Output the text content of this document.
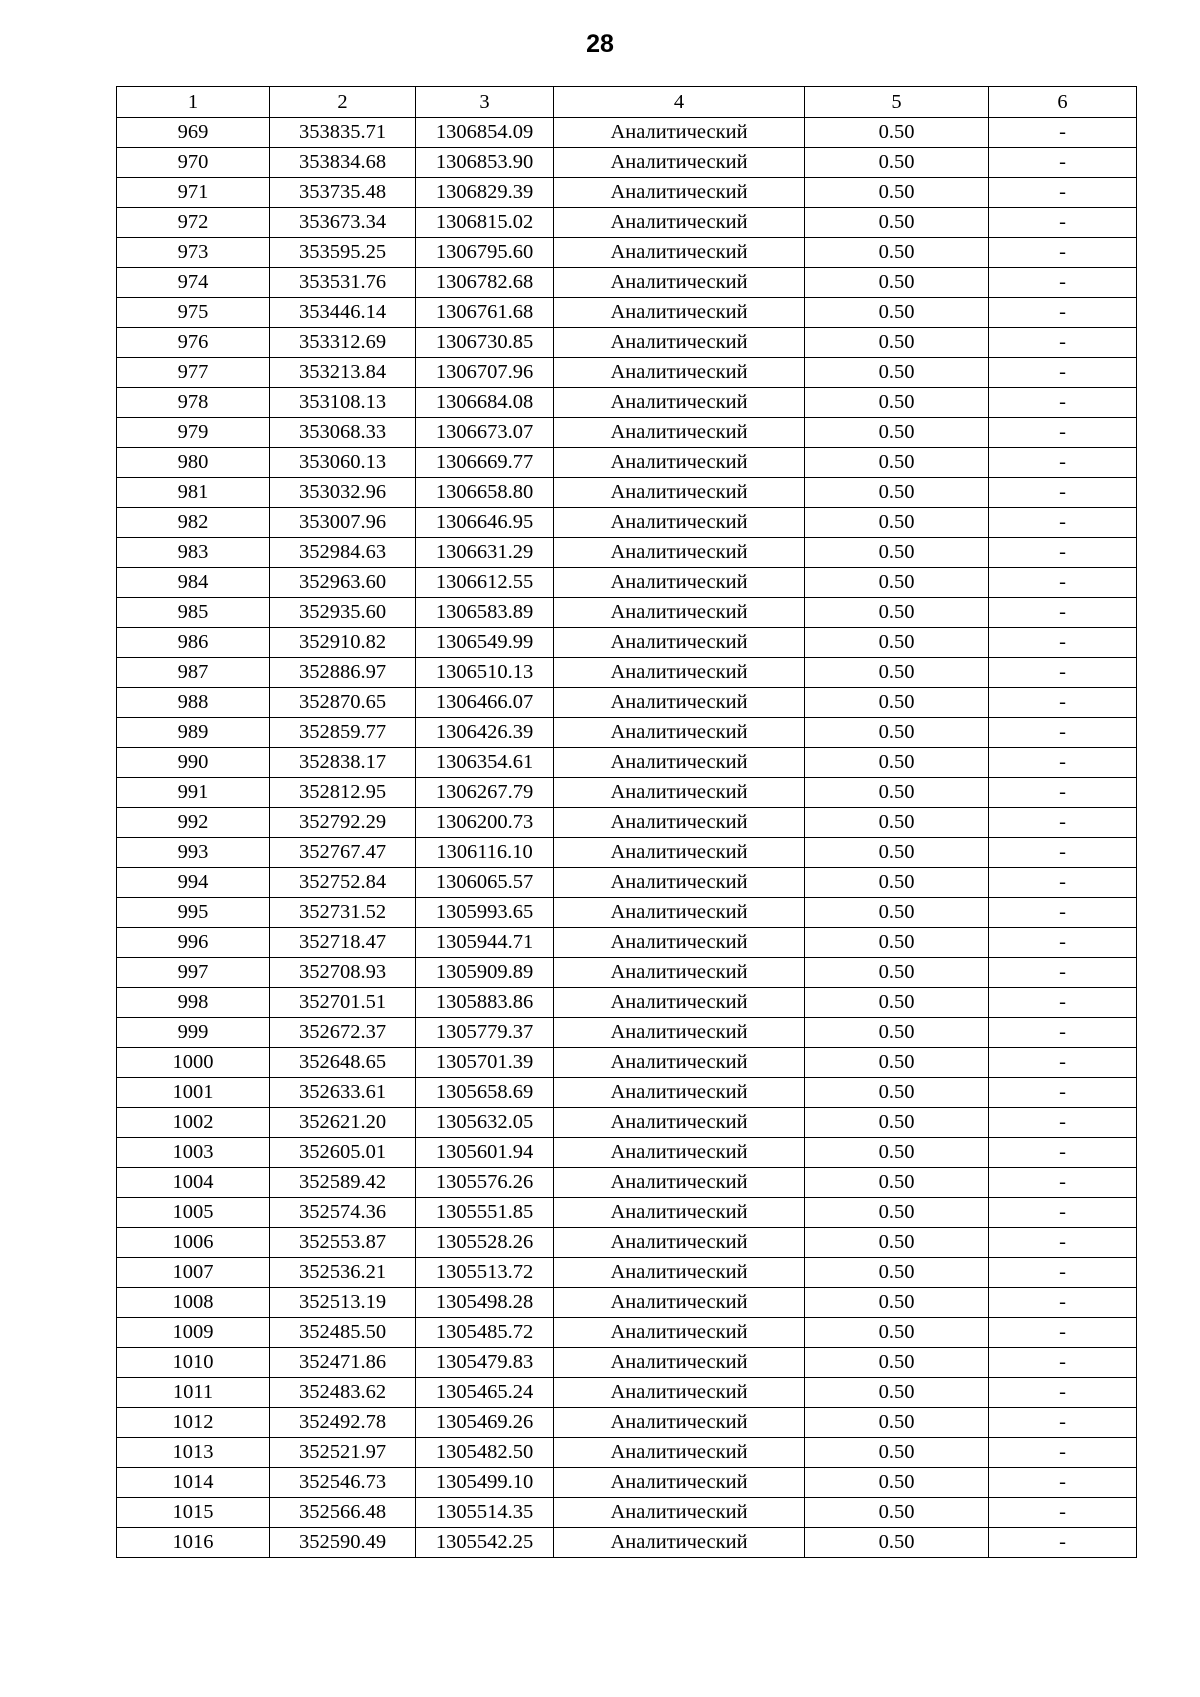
28
1	2	3	4	5	6
969	353835.71	1306854.09	Аналитический	0.50	-
970	353834.68	1306853.90	Аналитический	0.50	-
971	353735.48	1306829.39	Аналитический	0.50	-
972	353673.34	1306815.02	Аналитический	0.50	-
973	353595.25	1306795.60	Аналитический	0.50	-
974	353531.76	1306782.68	Аналитический	0.50	-
975	353446.14	1306761.68	Аналитический	0.50	-
976	353312.69	1306730.85	Аналитический	0.50	-
977	353213.84	1306707.96	Аналитический	0.50	-
978	353108.13	1306684.08	Аналитический	0.50	-
979	353068.33	1306673.07	Аналитический	0.50	-
980	353060.13	1306669.77	Аналитический	0.50	-
981	353032.96	1306658.80	Аналитический	0.50	-
982	353007.96	1306646.95	Аналитический	0.50	-
983	352984.63	1306631.29	Аналитический	0.50	-
984	352963.60	1306612.55	Аналитический	0.50	-
985	352935.60	1306583.89	Аналитический	0.50	-
986	352910.82	1306549.99	Аналитический	0.50	-
987	352886.97	1306510.13	Аналитический	0.50	-
988	352870.65	1306466.07	Аналитический	0.50	-
989	352859.77	1306426.39	Аналитический	0.50	-
990	352838.17	1306354.61	Аналитический	0.50	-
991	352812.95	1306267.79	Аналитический	0.50	-
992	352792.29	1306200.73	Аналитический	0.50	-
993	352767.47	1306116.10	Аналитический	0.50	-
994	352752.84	1306065.57	Аналитический	0.50	-
995	352731.52	1305993.65	Аналитический	0.50	-
996	352718.47	1305944.71	Аналитический	0.50	-
997	352708.93	1305909.89	Аналитический	0.50	-
998	352701.51	1305883.86	Аналитический	0.50	-
999	352672.37	1305779.37	Аналитический	0.50	-
1000	352648.65	1305701.39	Аналитический	0.50	-
1001	352633.61	1305658.69	Аналитический	0.50	-
1002	352621.20	1305632.05	Аналитический	0.50	-
1003	352605.01	1305601.94	Аналитический	0.50	-
1004	352589.42	1305576.26	Аналитический	0.50	-
1005	352574.36	1305551.85	Аналитический	0.50	-
1006	352553.87	1305528.26	Аналитический	0.50	-
1007	352536.21	1305513.72	Аналитический	0.50	-
1008	352513.19	1305498.28	Аналитический	0.50	-
1009	352485.50	1305485.72	Аналитический	0.50	-
1010	352471.86	1305479.83	Аналитический	0.50	-
1011	352483.62	1305465.24	Аналитический	0.50	-
1012	352492.78	1305469.26	Аналитический	0.50	-
1013	352521.97	1305482.50	Аналитический	0.50	-
1014	352546.73	1305499.10	Аналитический	0.50	-
1015	352566.48	1305514.35	Аналитический	0.50	-
1016	352590.49	1305542.25	Аналитический	0.50	-
